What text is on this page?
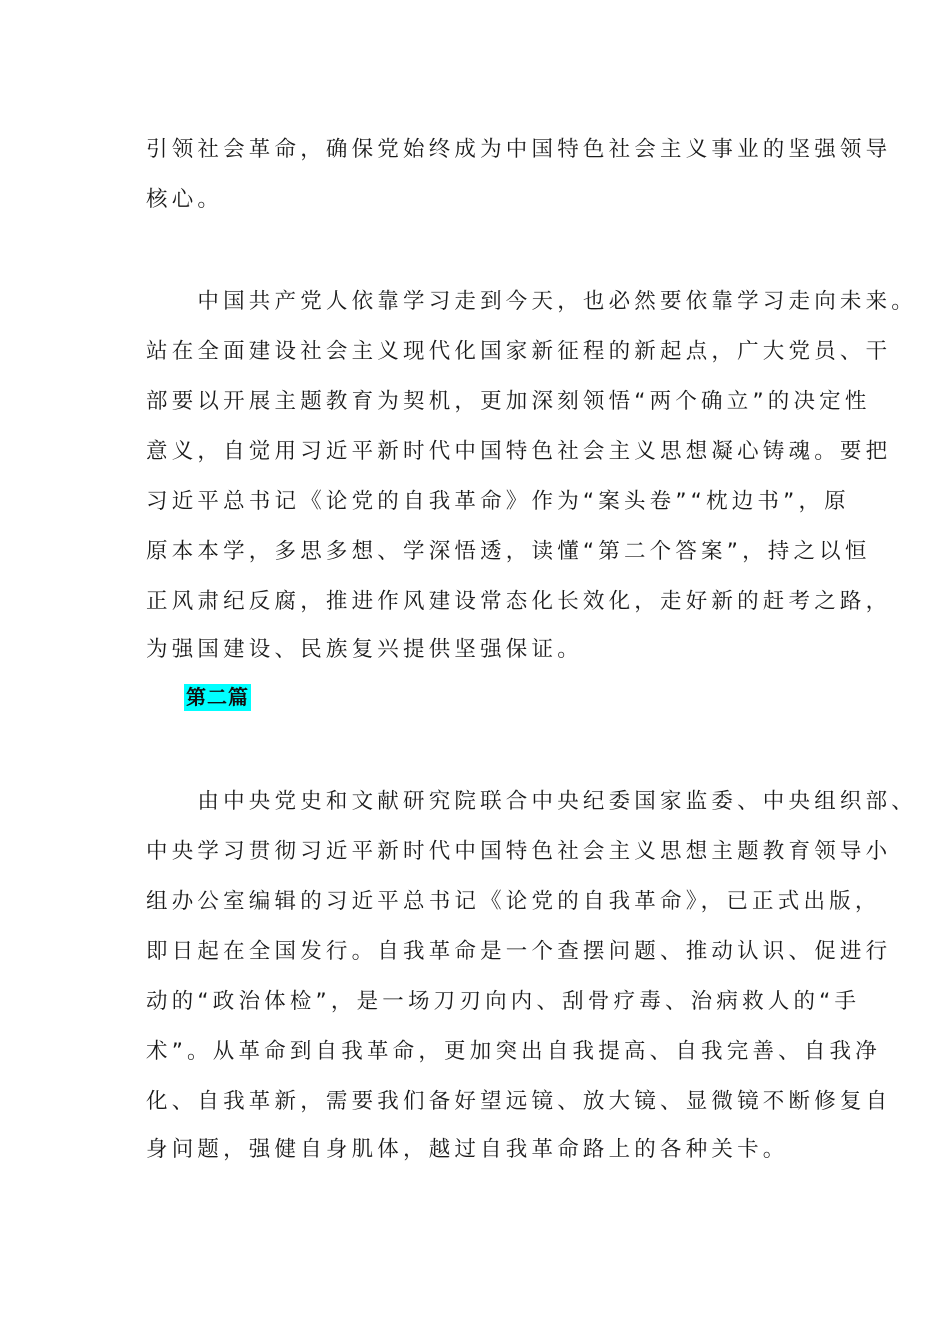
引领社会革命，确保党始终成为中国特色社会主义事业的坚强领导
核心。
　　中国共产党人依靠学习走到今天，也必然要依靠学习走向未来。
站在全面建设社会主义现代化国家新征程的新起点，广大党员、干
部要以开展主题教育为契机，更加深刻领悟“两个确立”的决定性
意义，自觉用习近平新时代中国特色社会主义思想凝心铸魂。要把
习近平总书记《论党的自我革命》作为“案头卷”“枕边书”，原
原本本学，多思多想、学深悟透，读懂“第二个答案”，持之以恒
正风肃纪反腐，推进作风建设常态化长效化，走好新的赶考之路，
为强国建设、民族复兴提供坚强保证。
第二篇
　　由中央党史和文献研究院联合中央纪委国家监委、中央组织部、
中央学习贯彻习近平新时代中国特色社会主义思想主题教育领导小
组办公室编辑的习近平总书记《论党的自我革命》，已正式出版，
即日起在全国发行。自我革命是一个查摆问题、推动认识、促进行
动的“政治体检”，是一场刀刃向内、刮骨疗毒、治病救人的“手
术”。从革命到自我革命，更加突出自我提高、自我完善、自我净
化、自我革新，需要我们备好望远镜、放大镜、显微镜不断修复自
身问题，强健自身肌体，越过自我革命路上的各种关卡。
